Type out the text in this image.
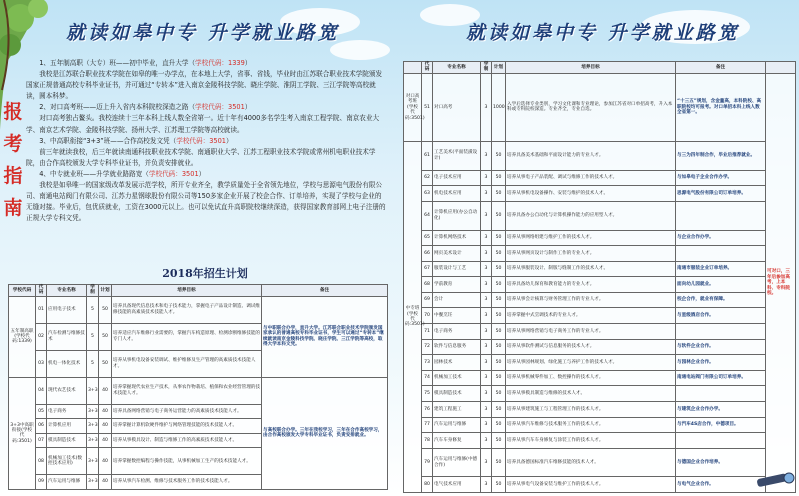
就读如皋中专 升学就业路宽	就读如皋中专 升学就业路宽
报
考
指
南

1、五年制高职（大专）班——初中毕业，直升大学（学校代码：1339）

我校是江苏联合职业技术学院在如皋的唯一办学点，在本地上大学，省事、省钱，毕业时由江苏联合职业技术学院颁发国家正规普通高校专科毕业证书，并可通过“专转本”进入南京金陵科技学院、晓庄学院、淮阴工学院、三江学院等高校就读，圆本科梦。

2、对口高考班——迈上升入省内本科院校深造之路（学校代码：3501）

对口高考独占鳌头。我校连续十三年本科上线人数全省第一。近十年有4000多名学生考入南京工程学院、南京农业大学、南京艺术学院、金陵科技学院、扬州大学、江苏理工学院等高校就读。

3、中高职衔接“3+3”班——合作高校发文凭（学校代码：3501）

前三年就读我校，后三年就读南通科技职业技术学院、南通职业大学、江苏工程职业技术学院或常州机电职业技术学院，由合作高校颁发大学专科毕业证书，并负责安排就业。

4、中专就业班——升学就业路路宽（学校代码：3501）

我校是如皋唯一的国家级改革发展示范学校，所开专业齐全，教学质量处于全省领先地位，学校与思源电气股份有限公司、南通电站阀门有限公司、江苏力星钢球股份有限公司等150多家企业开展了校企合作、订单培养，实现了学校与企业的无缝对接。毕业后，包优质就业，工资在3000元以上。也可以免试直升高职院校继续深造，获得国家教育部网上电子注册的正规大学专科文凭。

2018年招生计划
学校代码	代码	专业名称	学制	计划	培养目标	备注
五年制高职(学校代码:1339)	01	应用电子技术	5	50	培养具备现代信息技术和电子技术能力，掌握电子产品设计制造、调试维修技能的高素质技术技能人才。	与中职联合办学，直升大学。江苏联合职业技术学院颁发国家承认的普通高校专科毕业证书，学生可以通过“专转本”继续就读南京金陵科技学院、晓庄学院、三江学院等高校，取得大学本科文凭。
	02	汽车检测与维修技术	5	50	培养适应汽车维修行业需要的，掌握汽车构造原理、检测诊断维修技能的专门人才。	
	03	机电一体化技术	5	50	培养从事机电设备安装调试、维护维修及生产管理的高素质技术技能人才。	
3+3中高职衔接(学校代码:3501)	04	现代农艺技术	3+3	40	培养掌握现代农业生产技术，从事农作物栽培、植保和农业经营管理的技术技能人才。	与高校联合办学。三年在我校学习，三年在合作高校学习，由合作高校颁发大学专科毕业证书，负责安排就业。
	05	电子商务	3+3	40	培养具备网络营销与电子商务运营能力的高素质技术技能人才。	
	06	计算机应用	3+3	40	培养掌握计算机软硬件维护与网络管理技能的技术技能人才。	
	07	模具制造技术	3+3	40	培养从事模具设计、制造与维修工作的高素质技术技能人才。	
	08	机械加工技术(数控技术应用)	3+3	40	培养掌握数控编程与操作技能，从事机械加工生产的技术技能人才。	
	09	汽车运用与维修	3+3	40	培养从事汽车检测、维修与技术服务工作的技术技能人才。	
	代码	专业名称	学制	计划	培养目标	备注	
对口高考班(学校代码:3501)	51	对口高考	3	1000	入学后选择专业类别，学习文化课和专业理论，参加江苏省对口单招高考，升入本科或专科院校深造。专业齐全，专业自选。	“十三五”规划，含金量高，本科院校、高职院校均可报考。对口单招本科上线人数全省第一。	可对口，三年后参加高考，上本科、专科院校。
中专班(学校代码:3501)	61	工艺美术(平面装潢设计)	3	50	培养具备美术基础和平面设计能力的专业人才。	与三为四年制合作，毕业后推荐就业。	
	62	电子技术应用	3	50	培养从事电子产品装配、调试与维修工作的技术人才。	与如皋电子企业合作办学。	
	63	机电技术应用	3	50	培养从事机电设备操作、安装与维护的技术人才。	思源电气股份有限公司订单培养。	
	64	计算机应用(办公自动化)	3	50	培养具备办公自动化与计算机操作能力的应用型人才。		
	65	计算机网络技术	3	50	培养从事网络组建与维护工作的技术人才。	与企业合作办学。	
	66	网页美术设计	3	50	培养从事网页设计与制作工作的专业人才。		
	67	服装设计与工艺	3	50	培养从事服装设计、制版与缝制工作的技术人才。	南通市服装企业订单培养。	
	68	学前教育	3	50	培养具备幼儿保育和教育能力的专业人才。	面向幼儿园就业。	
	69	会计	3	50	培养从事会计核算与财务管理工作的专业人才。	校企合作，就业有保障。	
	70	中餐烹饪	3	50	培养掌握中式烹调技术的专业人才。	与星级酒店合作。	
	71	电子商务	3	50	培养从事网络营销与电子商务工作的专业人才。		
	72	软件与信息服务	3	50	培养从事软件测试与信息服务的技术人才。	与软件企业合作。	
	73	园林技术	3	50	培养从事园林规划、绿化施工与养护工作的技术人才。	与园林企业合作。	
	74	机械加工技术	3	50	培养从事机械零件加工、数控操作的技术人才。	南通电站阀门有限公司订单培养。	
	75	模具制造技术	3	50	培养从事模具制造与维修的技术人才。		
	76	建筑工程施工	3	50	培养从事建筑施工与工程管理工作的技术人才。	与建筑企业合作办学。	
	77	汽车运用与维修	3	50	培养从事汽车维修与技术服务工作的技术人才。	与汽车4S店合作，中德项目。	
	78	汽车车身修复	3	50	培养从事汽车车身修复与涂装工作的技术人才。		
	79	汽车运用与维修(中德合作)	3	50	培养具备德国标准汽车维修技能的技术人才。	与德国企业合作培养。	
	80	电气技术应用	3	50	培养从事电气设备安装与维护工作的技术人才。	与电气企业合作。	
